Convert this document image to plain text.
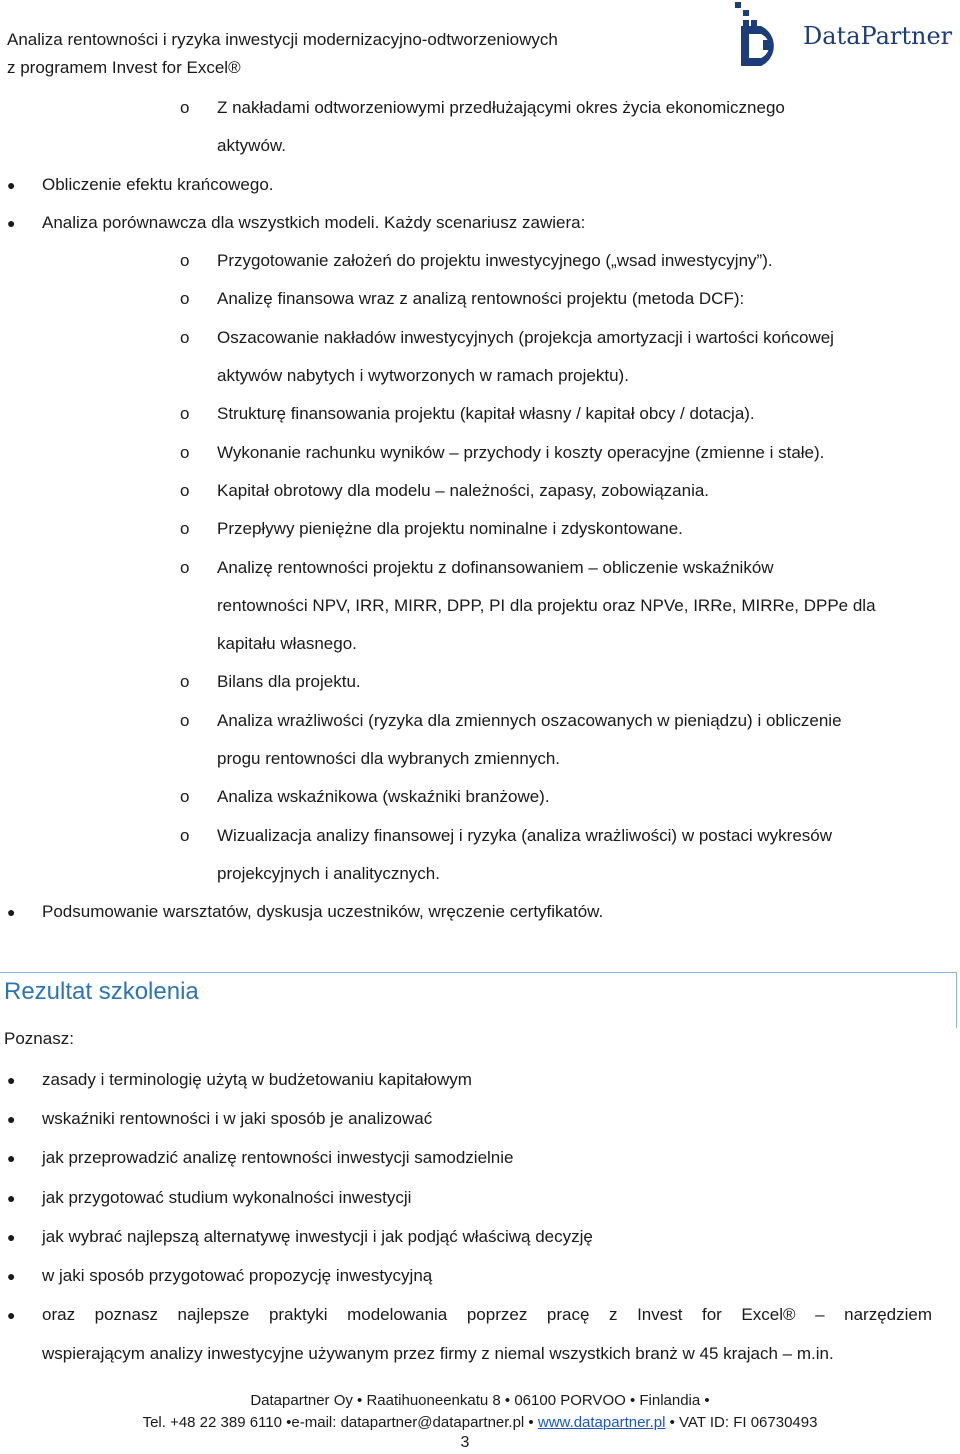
Analiza rentowności i ryzyka inwestycji modernizacyjno-odtworzeniowych
z programem Invest for Excel®
DataPartner
o Z nakładami odtworzeniowymi przedłużającymi okres życia ekonomicznego
aktywów.
● Obliczenie efektu krańcowego.
● Analiza porównawcza dla wszystkich modeli. Każdy scenariusz zawiera:
o Przygotowanie założeń do projektu inwestycyjnego („wsad inwestycyjny”).
o Analizę finansowa wraz z analizą rentowności projektu (metoda DCF):
o Oszacowanie nakładów inwestycyjnych (projekcja amortyzacji i wartości końcowej
aktywów nabytych i wytworzonych w ramach projektu).
o Strukturę finansowania projektu (kapitał własny / kapitał obcy / dotacja).
o Wykonanie rachunku wyników – przychody i koszty operacyjne (zmienne i stałe).
o Kapitał obrotowy dla modelu – należności, zapasy, zobowiązania.
o Przepływy pieniężne dla projektu nominalne i zdyskontowane.
o Analizę rentowności projektu z dofinansowaniem – obliczenie wskaźników
rentowności NPV, IRR, MIRR, DPP, PI dla projektu oraz NPVe, IRRe, MIRRe, DPPe dla
kapitału własnego.
o Bilans dla projektu.
o Analiza wrażliwości (ryzyka dla zmiennych oszacowanych w pieniądzu) i obliczenie
progu rentowności dla wybranych zmiennych.
o Analiza wskaźnikowa (wskaźniki branżowe).
o Wizualizacja analizy finansowej i ryzyka (analiza wrażliwości) w postaci wykresów
projekcyjnych i analitycznych.
● Podsumowanie warsztatów, dyskusja uczestników, wręczenie certyfikatów.
Rezultat szkolenia
Poznasz:
● zasady i terminologię użytą w budżetowaniu kapitałowym
● wskaźniki rentowności i w jaki sposób je analizować
● jak przeprowadzić analizę rentowności inwestycji samodzielnie
● jak przygotować studium wykonalności inwestycji
● jak wybrać najlepszą alternatywę inwestycji i jak podjąć właściwą decyzję
● w jaki sposób przygotować propozycję inwestycyjną
● oraz poznasz najlepsze praktyki modelowania poprzez pracę z Invest for Excel® – narzędziem
wspierającym analizy inwestycyjne używanym przez firmy z niemal wszystkich branż w 45 krajach – m.in.
Datapartner Oy • Raatihuoneenkatu 8 • 06100 PORVOO • Finlandia •
Tel. +48 22 389 6110 •e-mail: datapartner@datapartner.pl • www.datapartner.pl • VAT ID: FI 06730493
3
